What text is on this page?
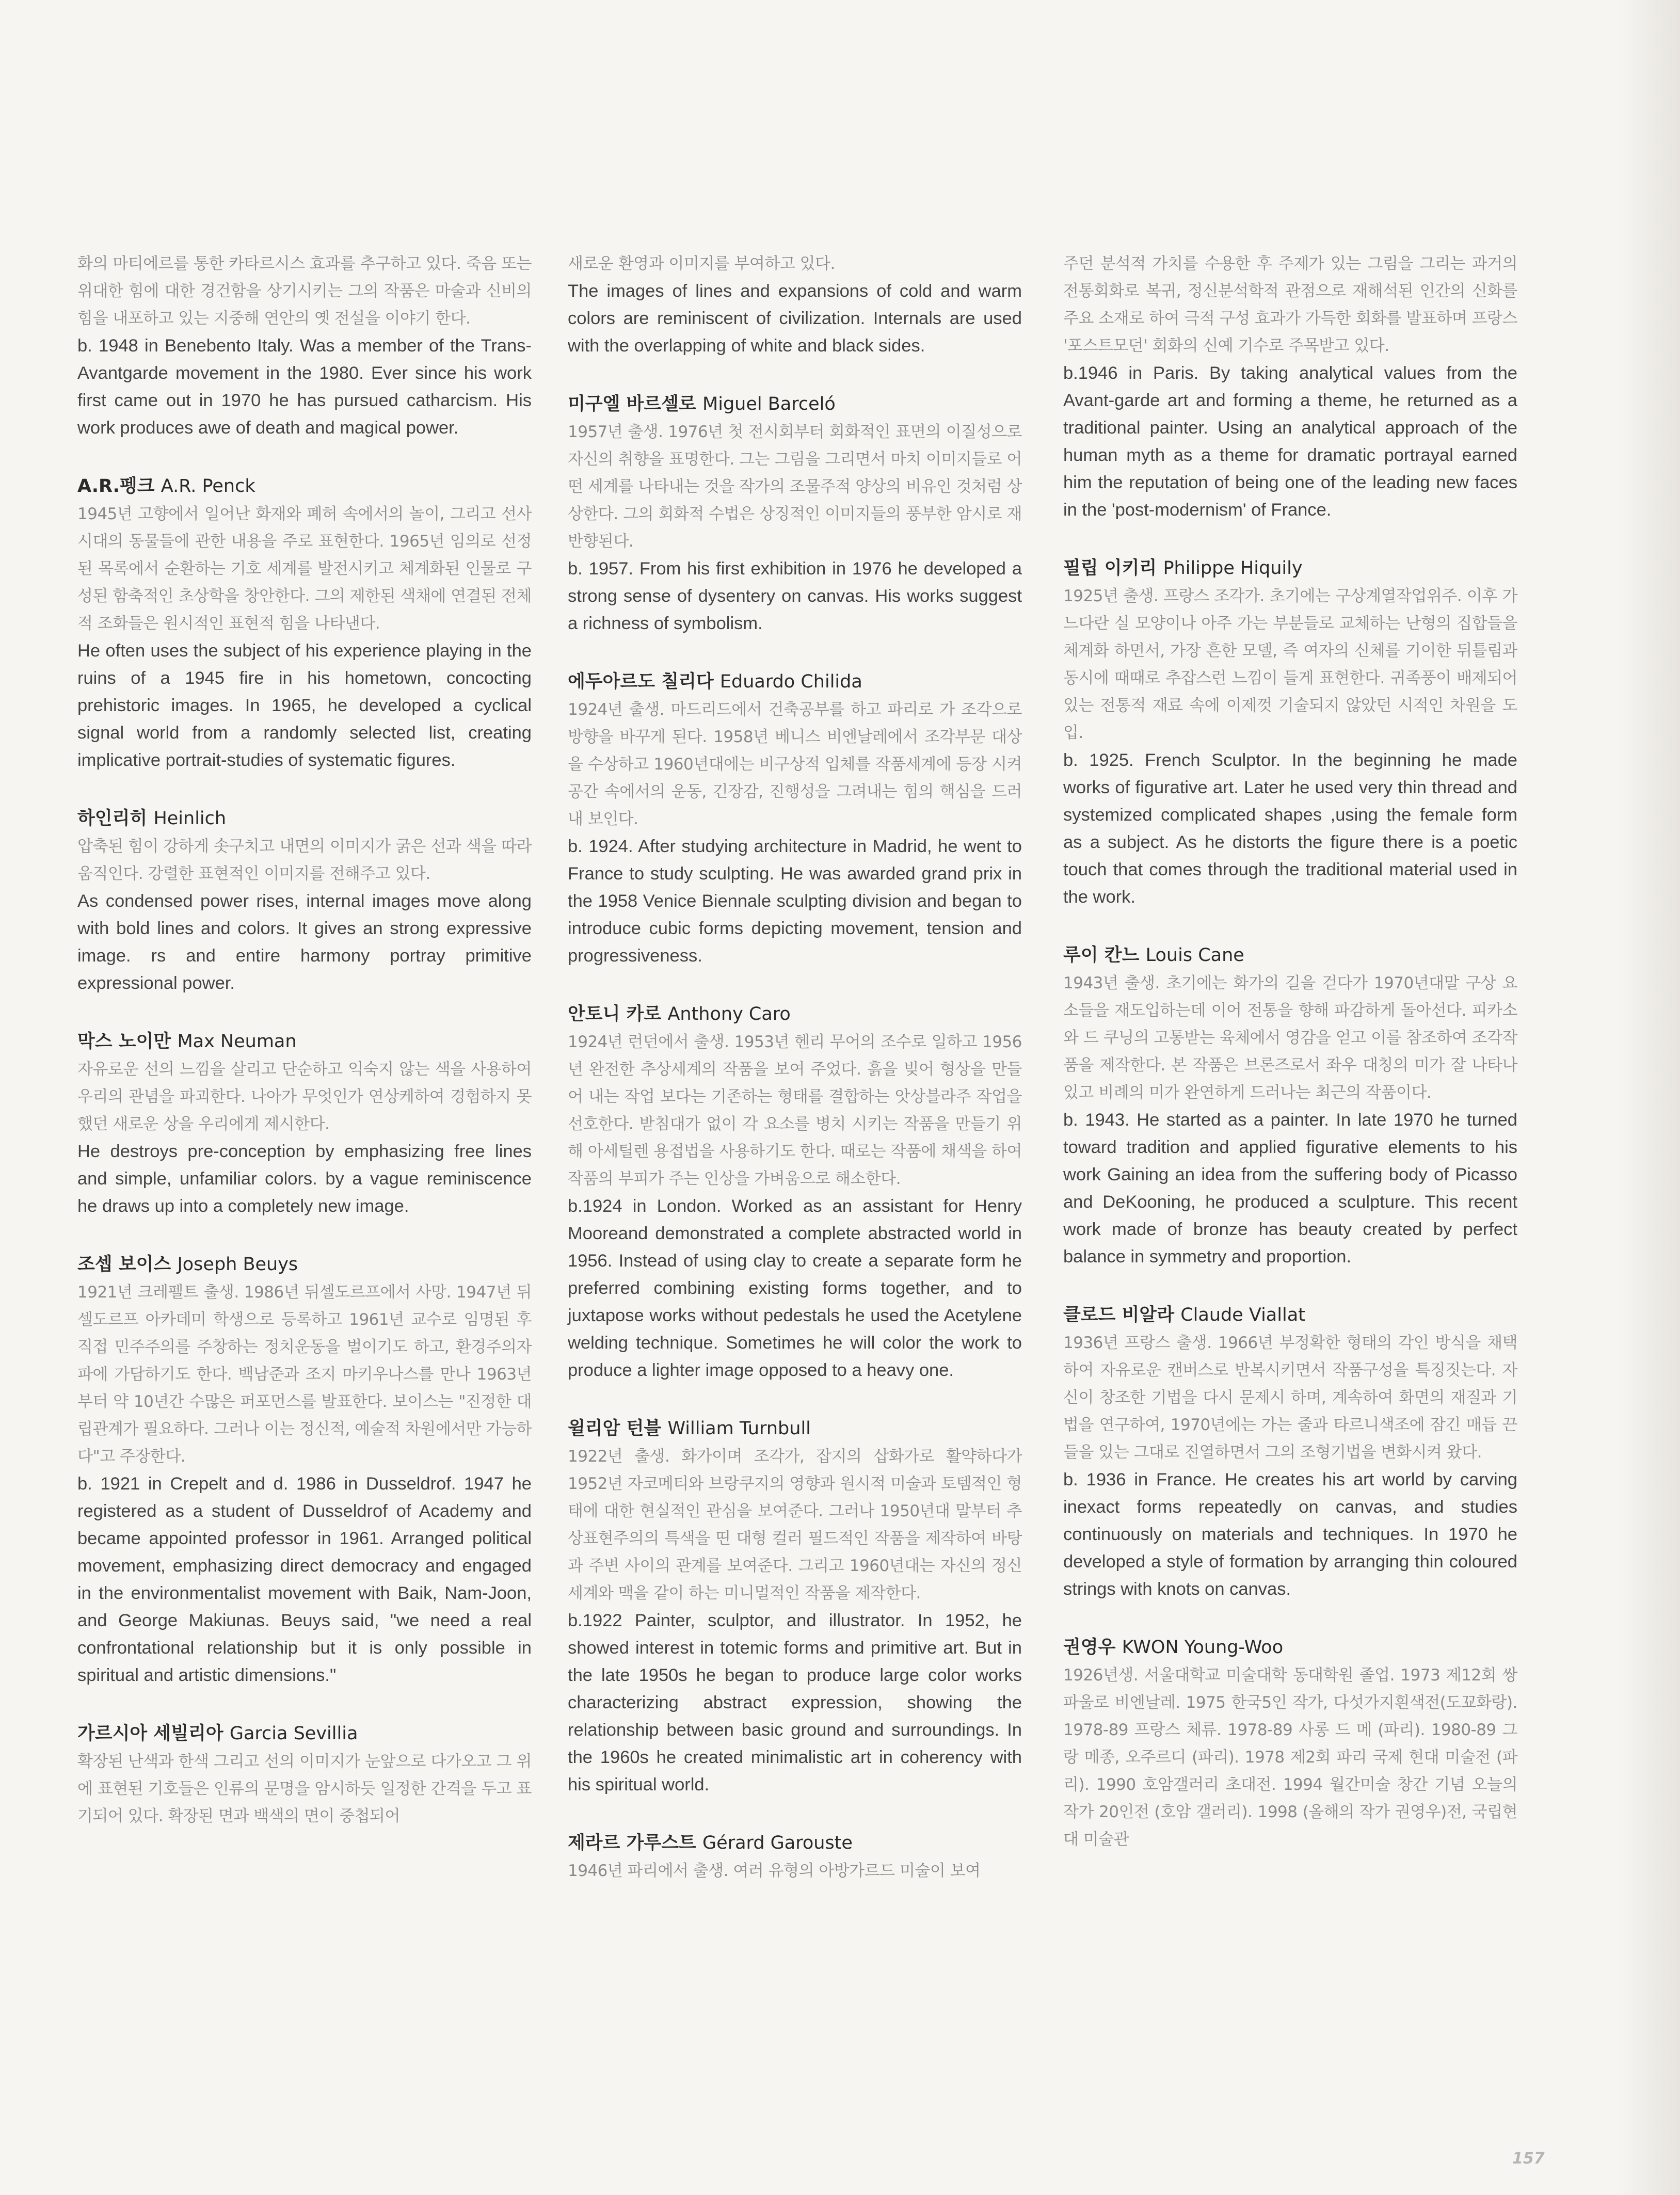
화의 마티에르를 통한 카타르시스 효과를 추구하고 있다. 죽음 또는 위대한 힘에 대한 경건함을 상기시키는 그의 작품은 마술과 신비의 힘을 내포하고 있는 지중해 연안의 옛 전설을 이야기 한다.

b. 1948 in Benebento Italy. Was a member of the Trans-Avantgarde movement in the 1980. Ever since his work first came out in 1970 he has pursued catharcism. His work produces awe of death and magical power.

A.R.펭크 A.R. Penck

1945년 고향에서 일어난 화재와 폐허 속에서의 놀이, 그리고 선사 시대의 동물들에 관한 내용을 주로 표현한다. 1965년 임의로 선정된 목록에서 순환하는 기호 세계를 발전시키고 체계화된 인물로 구성된 함축적인 초상학을 창안한다. 그의 제한된 색채에 연결된 전체적 조화들은 원시적인 표현적 힘을 나타낸다.

He often uses the subject of his experience playing in the ruins of a 1945 fire in his hometown, concocting prehistoric images. In 1965, he developed a cyclical signal world from a randomly selected list, creating implicative portrait-studies of systematic figures.

하인리히 Heinlich

압축된 힘이 강하게 솟구치고 내면의 이미지가 굵은 선과 색을 따라 움직인다. 강렬한 표현적인 이미지를 전해주고 있다.

As condensed power rises, internal images move along with bold lines and colors. It gives an strong expressive image. rs and entire harmony portray primitive expressional power.

막스 노이만 Max Neuman

자유로운 선의 느낌을 살리고 단순하고 익숙지 않는 색을 사용하여 우리의 관념을 파괴한다. 나아가 무엇인가 연상케하여 경험하지 못했던 새로운 상을 우리에게 제시한다.

He destroys pre-conception by emphasizing free lines and simple, unfamiliar colors. by a vague reminiscence he draws up into a completely new image.

조셉 보이스 Joseph Beuys

1921년 크레펠트 출생. 1986년 뒤셀도르프에서 사망. 1947년 뒤셀도르프 아카데미 학생으로 등록하고 1961년 교수로 임명된 후 직접 민주주의를 주창하는 정치운동을 벌이기도 하고, 환경주의자파에 가담하기도 한다. 백남준과 조지 마키우나스를 만나 1963년부터 약 10년간 수많은 퍼포먼스를 발표한다. 보이스는 "진정한 대립관계가 필요하다. 그러나 이는 정신적, 예술적 차원에서만 가능하다"고 주장한다.

b. 1921 in Crepelt and d. 1986 in Dusseldrof. 1947 he registered as a student of Dusseldrof of Academy and became appointed professor in 1961. Arranged political movement, emphasizing direct democracy and engaged in the environmentalist movement with Baik, Nam-Joon, and George Makiunas. Beuys said, "we need a real confrontational relationship but it is only possible in spiritual and artistic dimensions."

가르시아 세빌리아 Garcia Sevillia

확장된 난색과 한색 그리고 선의 이미지가 눈앞으로 다가오고 그 위에 표현된 기호들은 인류의 문명을 암시하듯 일정한 간격을 두고 표기되어 있다. 확장된 면과 백색의 면이 중첩되어

새로운 환영과 이미지를 부여하고 있다.

The images of lines and expansions of cold and warm colors are reminiscent of civilization. Internals are used with the overlapping of white and black sides.

미구엘 바르셀로 Miguel Barceló

1957년 출생. 1976년 첫 전시회부터 회화적인 표면의 이질성으로 자신의 취향을 표명한다. 그는 그림을 그리면서 마치 이미지들로 어떤 세계를 나타내는 것을 작가의 조물주적 양상의 비유인 것처럼 상상한다. 그의 회화적 수법은 상징적인 이미지들의 풍부한 암시로 재 반향된다.

b. 1957. From his first exhibition in 1976 he developed a strong sense of dysentery on canvas. His works suggest a richness of symbolism.

에두아르도 칠리다 Eduardo Chilida

1924년 출생. 마드리드에서 건축공부를 하고 파리로 가 조각으로 방향을 바꾸게 된다. 1958년 베니스 비엔날레에서 조각부문 대상을 수상하고 1960년대에는 비구상적 입체를 작품세계에 등장 시켜 공간 속에서의 운동, 긴장감, 진행성을 그려내는 힘의 핵심을 드러내 보인다.

b. 1924. After studying architecture in Madrid, he went to France to study sculpting. He was awarded grand prix in the 1958 Venice Biennale sculpting division and began to introduce cubic forms depicting movement, tension and progressiveness.

안토니 카로 Anthony Caro

1924년 런던에서 출생. 1953년 헨리 무어의 조수로 일하고 1956년 완전한 추상세계의 작품을 보여 주었다. 흙을 빚어 형상을 만들어 내는 작업 보다는 기존하는 형태를 결합하는 앗상블라주 작업을 선호한다. 받침대가 없이 각 요소를 병치 시키는 작품을 만들기 위해 아세틸렌 용접법을 사용하기도 한다. 때로는 작품에 채색을 하여 작품의 부피가 주는 인상을 가벼움으로 해소한다.

b.1924 in London. Worked as an assistant for Henry Mooreand demonstrated a complete abstracted world in 1956. Instead of using clay to create a separate form he preferred combining existing forms together, and to juxtapose works without pedestals he used the Acetylene welding technique. Sometimes he will color the work to produce a lighter image opposed to a heavy one.

윌리암 턴블 William Turnbull

1922년 출생. 화가이며 조각가, 잡지의 삽화가로 활약하다가 1952년 자코메티와 브랑쿠지의 영향과 원시적 미술과 토템적인 형태에 대한 현실적인 관심을 보여준다. 그러나 1950년대 말부터 추상표현주의의 특색을 띤 대형 컬러 필드적인 작품을 제작하여 바탕과 주변 사이의 관계를 보여준다. 그리고 1960년대는 자신의 정신세계와 맥을 같이 하는 미니멀적인 작품을 제작한다.

b.1922 Painter, sculptor, and illustrator. In 1952, he showed interest in totemic forms and primitive art. But in the late 1950s he began to produce large color works characterizing abstract expression, showing the relationship between basic ground and surroundings. In the 1960s he created minimalistic art in coherency with his spiritual world.

제라르 가루스트 Gérard Garouste

1946년 파리에서 출생. 여러 유형의 아방가르드 미술이 보여

주던 분석적 가치를 수용한 후 주제가 있는 그림을 그리는 과거의 전통회화로 복귀, 정신분석학적 관점으로 재해석된 인간의 신화를 주요 소재로 하여 극적 구성 효과가 가득한 회화를 발표하며 프랑스 '포스트모던' 회화의 신예 기수로 주목받고 있다.

b.1946 in Paris. By taking analytical values from the Avant-garde art and forming a theme, he returned as a traditional painter. Using an analytical approach of the human myth as a theme for dramatic portrayal earned him the reputation of being one of the leading new faces in the 'post-modernism' of France.

필립 이키리 Philippe Hiquily

1925년 출생. 프랑스 조각가. 초기에는 구상계열작업위주. 이후 가느다란 실 모양이나 아주 가는 부분들로 교체하는 난형의 집합들을 체계화 하면서, 가장 흔한 모델, 즉 여자의 신체를 기이한 뒤틀림과 동시에 때때로 추잡스런 느낌이 들게 표현한다. 귀족풍이 배제되어 있는 전통적 재료 속에 이제껏 기술되지 않았던 시적인 차원을 도입.

b. 1925. French Sculptor. In the beginning he made works of figurative art. Later he used very thin thread and systemized complicated shapes ,using the female form as a subject. As he distorts the figure there is a poetic touch that comes through the traditional material used in the work.

루이 칸느 Louis Cane

1943년 출생. 초기에는 화가의 길을 걷다가 1970년대말 구상 요소들을 재도입하는데 이어 전통을 향해 파감하게 돌아선다. 피카소와 드 쿠닝의 고통받는 육체에서 영감을 얻고 이를 참조하여 조각작품을 제작한다. 본 작품은 브론즈로서 좌우 대칭의 미가 잘 나타나 있고 비례의 미가 완연하게 드러나는 최근의 작품이다.

b. 1943. He started as a painter. In late 1970 he turned toward tradition and applied figurative elements to his work Gaining an idea from the suffering body of Picasso and DeKooning, he produced a sculpture. This recent work made of bronze has beauty created by perfect balance in symmetry and proportion.

클로드 비알라 Claude Viallat

1936년 프랑스 출생. 1966년 부정확한 형태의 각인 방식을 채택하여 자유로운 캔버스로 반복시키면서 작품구성을 특징짓는다. 자신이 창조한 기법을 다시 문제시 하며, 계속하여 화면의 재질과 기법을 연구하여, 1970년에는 가는 줄과 타르니색조에 잠긴 매듭 끈들을 있는 그대로 진열하면서 그의 조형기법을 변화시켜 왔다.

b. 1936 in France. He creates his art world by carving inexact forms repeatedly on canvas, and studies continuously on materials and techniques. In 1970 he developed a style of formation by arranging thin coloured strings with knots on canvas.

권영우 KWON Young-Woo

1926년생. 서울대학교 미술대학 동대학원 졸업. 1973 제12회 쌍파울로 비엔날레. 1975 한국5인 작가, 다섯가지흰색전(도꾜화랑). 1978-89 프랑스 체류. 1978-89 사롱 드 메 (파리). 1980-89 그랑 메종, 오주르디 (파리). 1978 제2회 파리 국제 현대 미술전 (파리). 1990 호암갤러리 초대전. 1994 월간미술 창간 기념 오늘의 작가 20인전 (호암 갤러리). 1998 (올해의 작가 권영우)전, 국립현대 미술관

157
